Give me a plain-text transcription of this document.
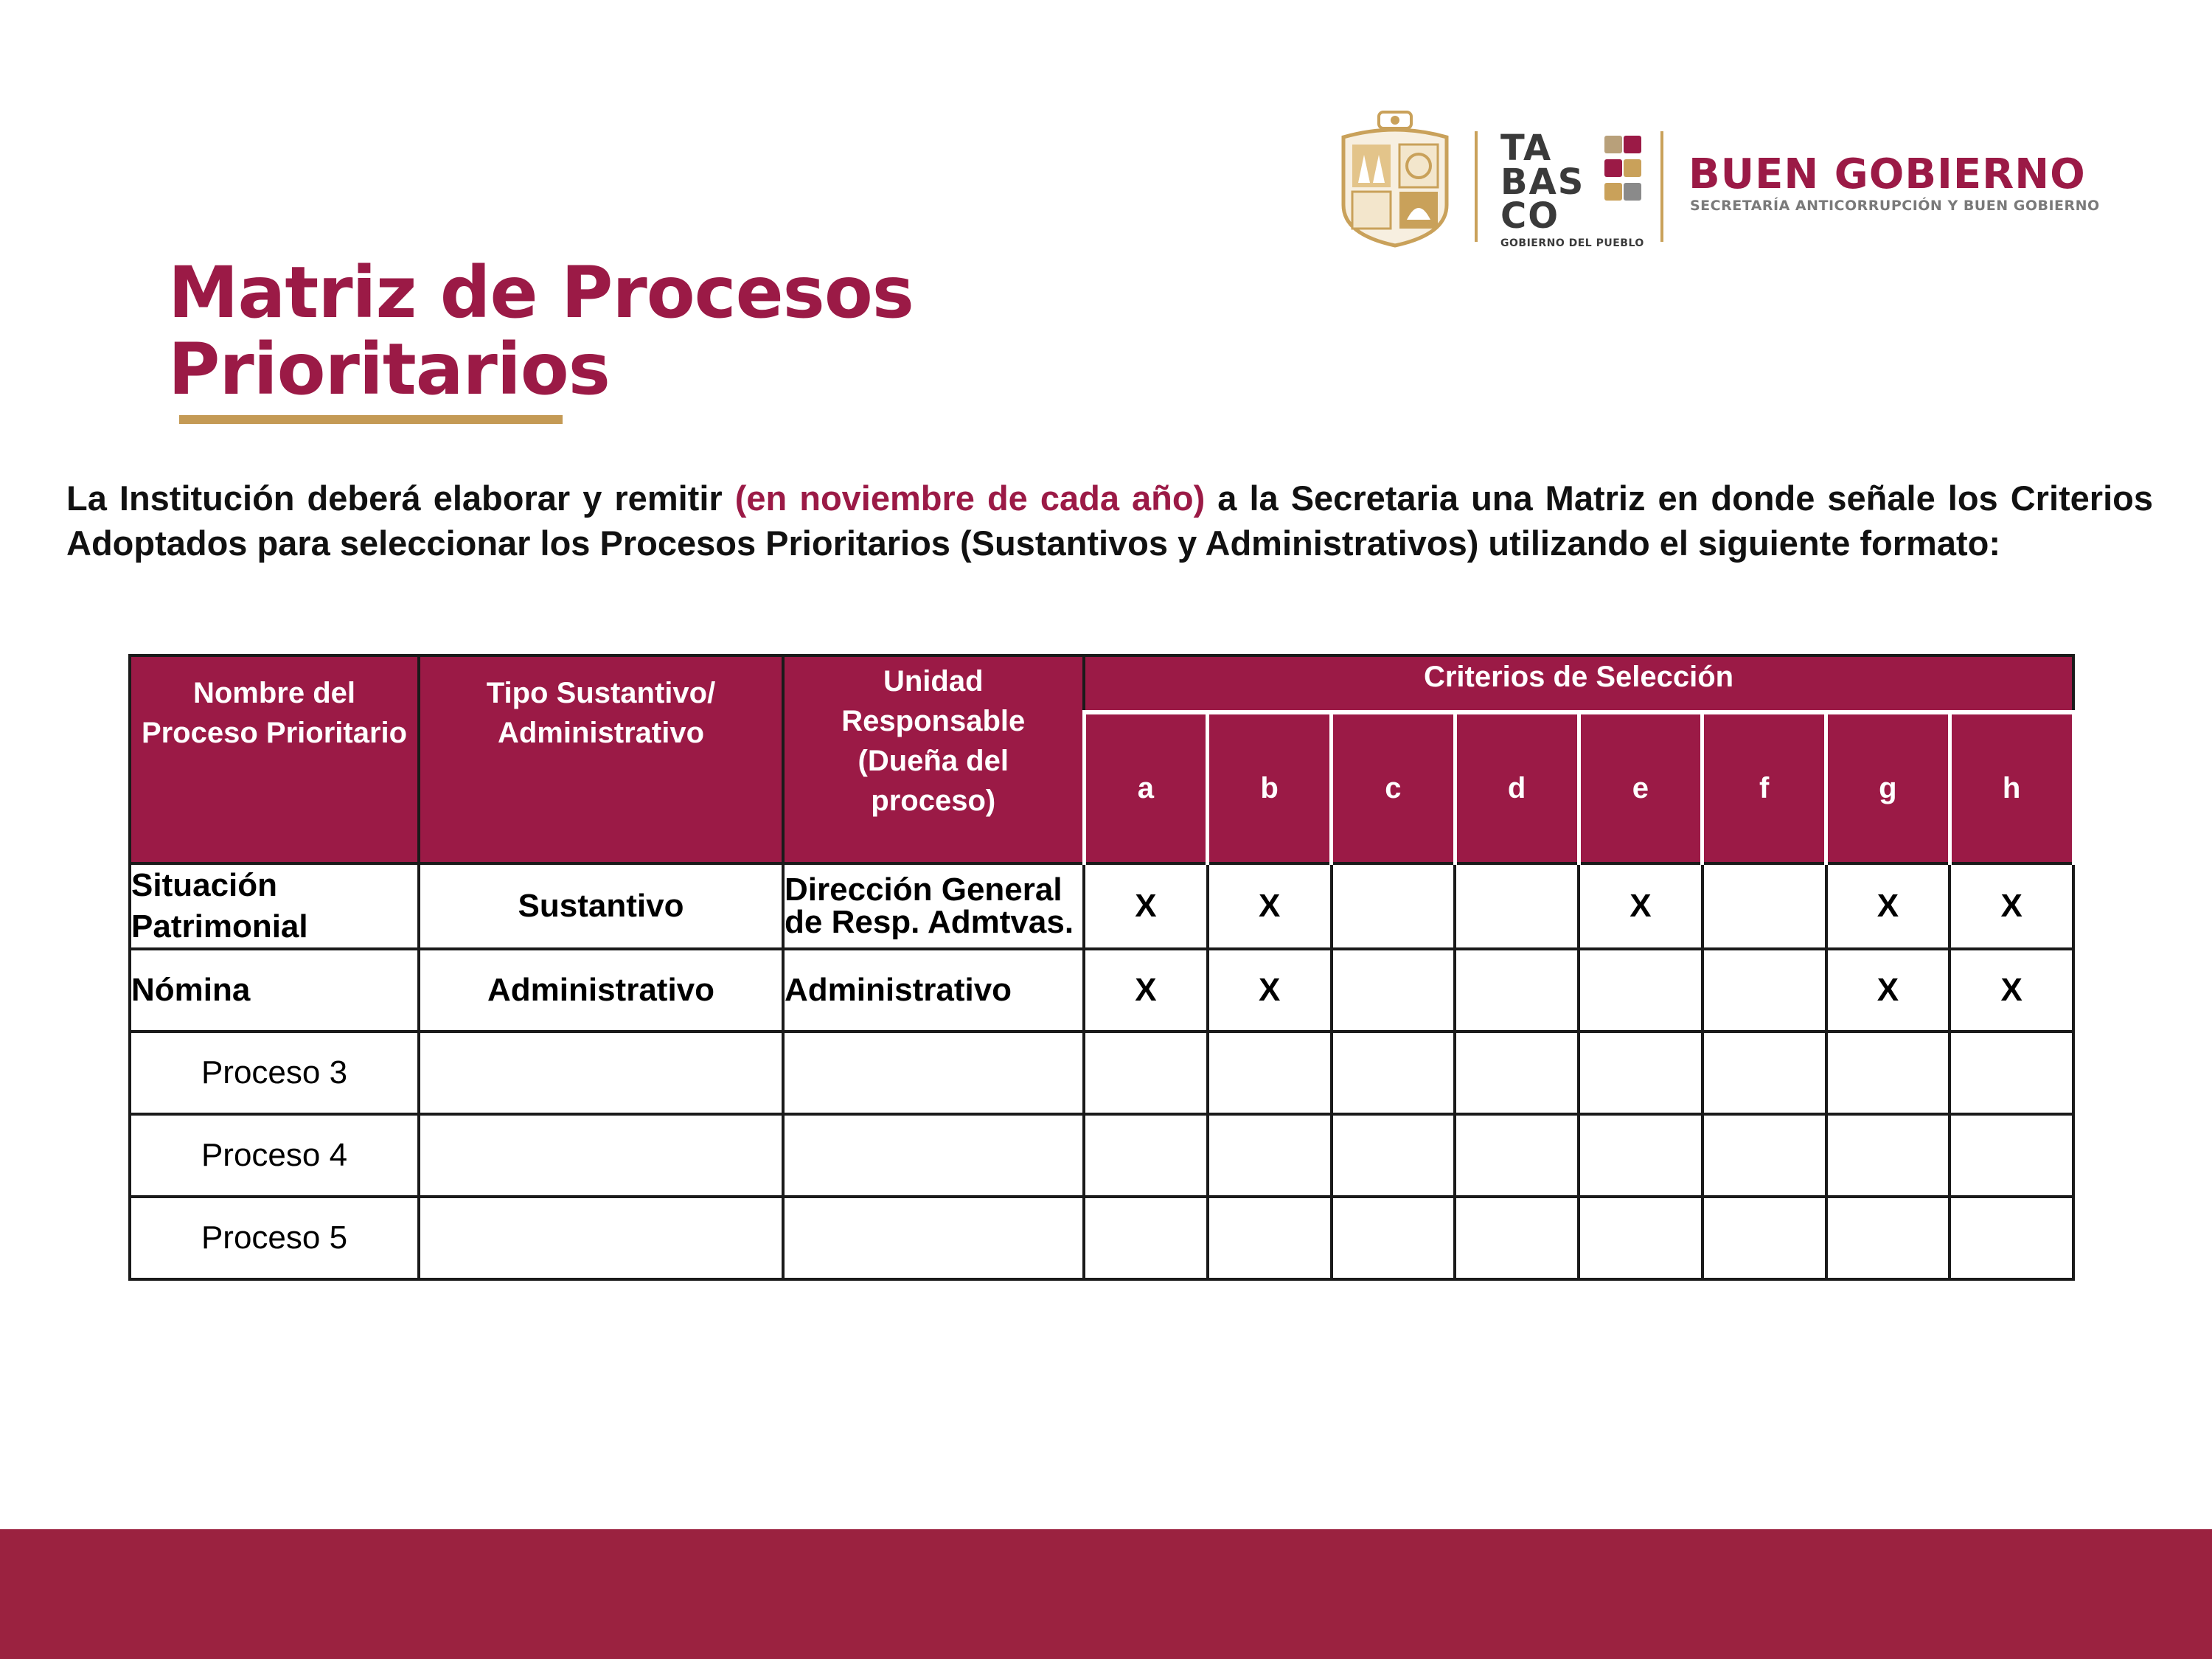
TA
BAS
CO
GOBIERNO DEL PUEBLO

BUEN GOBIERNO
SECRETARÍA ANTICORRUPCIÓN Y BUEN GOBIERNO
Matriz de Procesos
Prioritarios
La Institución deberá elaborar y remitir (en noviembre de cada año) a la Secretaria una Matriz en donde señale los Criterios Adoptados para seleccionar los Procesos Prioritarios (Sustantivos y Administrativos) utilizando el siguiente formato:
Nombre del Proceso Prioritario	Tipo Sustantivo/ Administrativo	Unidad Responsable (Dueña del proceso)	Criterios de Selección							
			a	b	c	d	e	f	g	h
Situación Patrimonial	Sustantivo	Dirección General de Resp. Admtvas.	X	X			X		X	X
Nómina	Administrativo	Administrativo	X	X					X	X
Proceso 3										
Proceso 4										
Proceso 5										
